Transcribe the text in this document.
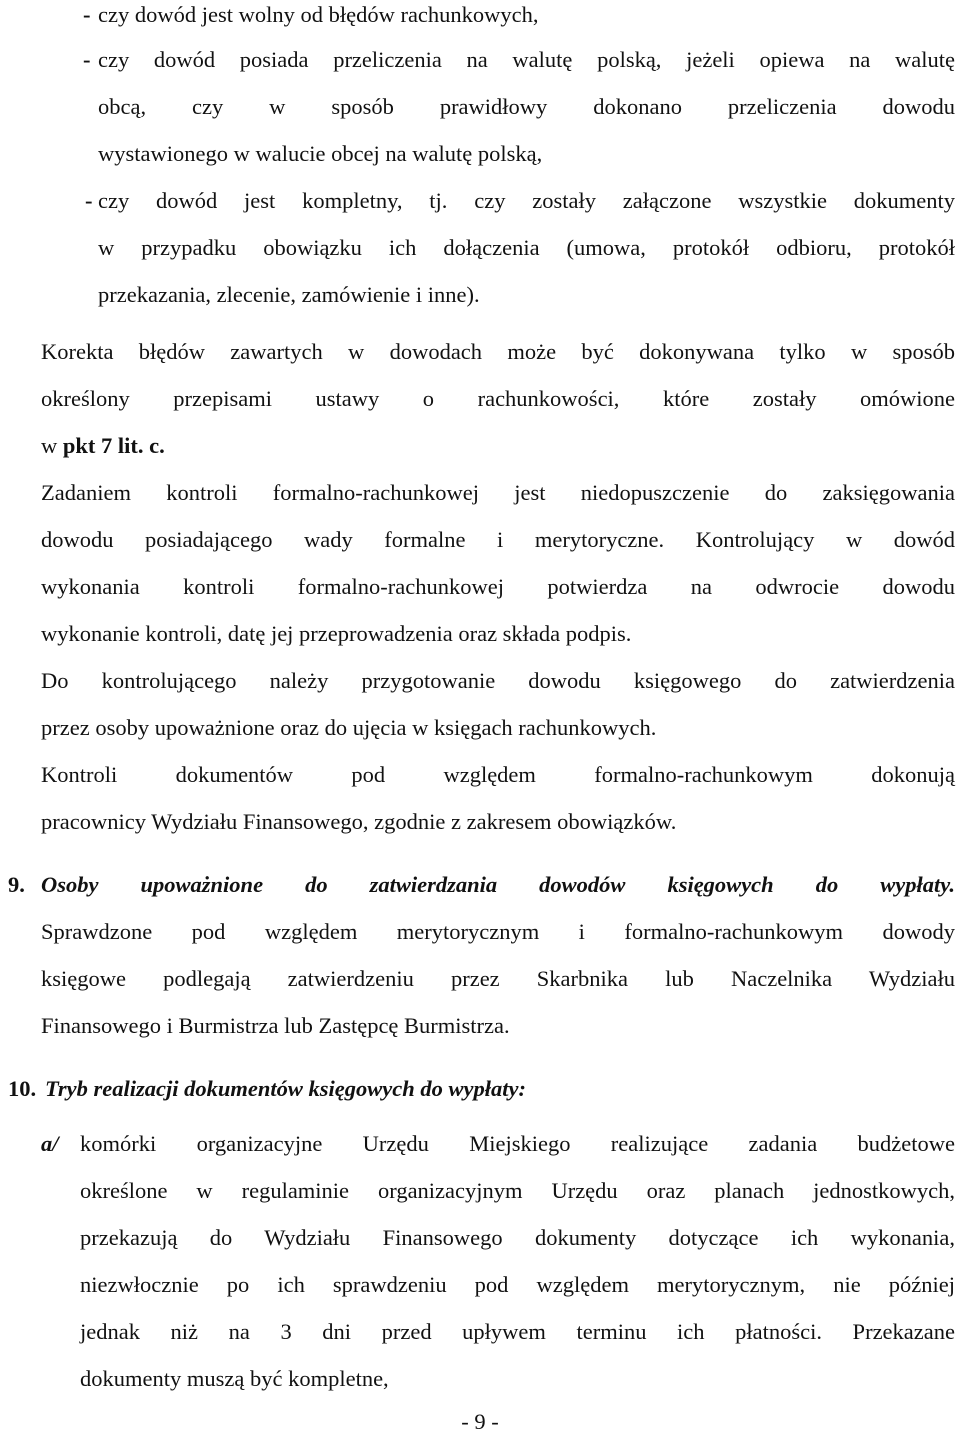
- czy dowód jest wolny od błędów rachunkowych,
- czy dowód posiada przeliczenia na walutę polską, jeżeli opiewa na walutę
obcą, czy w sposób prawidłowy dokonano przeliczenia dowodu
wystawionego w walucie obcej na walutę polską,
- czy dowód jest kompletny, tj. czy zostały załączone wszystkie dokumenty
w przypadku obowiązku ich dołączenia (umowa, protokół odbioru, protokół
przekazania, zlecenie, zamówienie i inne).
Korekta błędów zawartych w dowodach może być dokonywana tylko w sposób
określony przepisami ustawy o rachunkowości, które zostały omówione
w pkt 7 lit. c.
Zadaniem kontroli formalno-rachunkowej jest niedopuszczenie do zaksięgowania
dowodu posiadającego wady formalne i merytoryczne. Kontrolujący w dowód
wykonania kontroli formalno-rachunkowej potwierdza na odwrocie dowodu
wykonanie kontroli, datę jej przeprowadzenia oraz składa podpis.
Do kontrolującego należy przygotowanie dowodu księgowego do zatwierdzenia
przez osoby upoważnione oraz do ujęcia w księgach rachunkowych.
Kontroli dokumentów pod względem formalno-rachunkowym dokonują
pracownicy Wydziału Finansowego, zgodnie z zakresem obowiązków.
9. Osoby upoważnione do zatwierdzania dowodów księgowych do wypłaty.
Sprawdzone pod względem merytorycznym i formalno-rachunkowym dowody
księgowe podlegają zatwierdzeniu przez Skarbnika lub Naczelnika Wydziału
Finansowego i Burmistrza lub Zastępcę Burmistrza.
10. Tryb realizacji dokumentów księgowych do wypłaty:
a/ komórki organizacyjne Urzędu Miejskiego realizujące zadania budżetowe
określone w regulaminie organizacyjnym Urzędu oraz planach jednostkowych,
przekazują do Wydziału Finansowego dokumenty dotyczące ich wykonania,
niezwłocznie po ich sprawdzeniu pod względem merytorycznym, nie później
jednak niż na 3 dni przed upływem terminu ich płatności. Przekazane
dokumenty muszą być kompletne,
- 9 -
